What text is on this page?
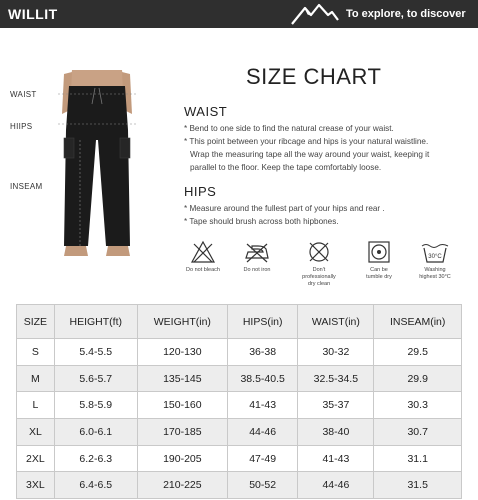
WILLIT	To explore, to discover
WAIST
HIIPS
INSEAM
SIZE CHART
WAIST
* Bend to one side to find the natural crease of your waist.
* This point between your ribcage and hips is your natural waistline.
Wrap the measuring tape all the way around your waist, keeping it
parallel to the floor. Keep the tape comfortably loose.
HIPS
* Measure around the fullest part of your hips and rear .
* Tape should brush across both hipbones.
Do not bleach	Do not iron	Don't professionally
dry clean
Can be
tumble dry
30°C
Washing
highest 30°C
SIZE	HEIGHT(ft)	WEIGHT(in)	HIPS(in)	WAIST(in)	INSEAM(in)
S	5.4-5.5	120-130	36-38	30-32	29.5
M	5.6-5.7	135-145	38.5-40.5	32.5-34.5	29.9
L	5.8-5.9	150-160	41-43	35-37	30.3
XL	6.0-6.1	170-185	44-46	38-40	30.7
2XL	6.2-6.3	190-205	47-49	41-43	31.1
3XL	6.4-6.5	210-225	50-52	44-46	31.5
